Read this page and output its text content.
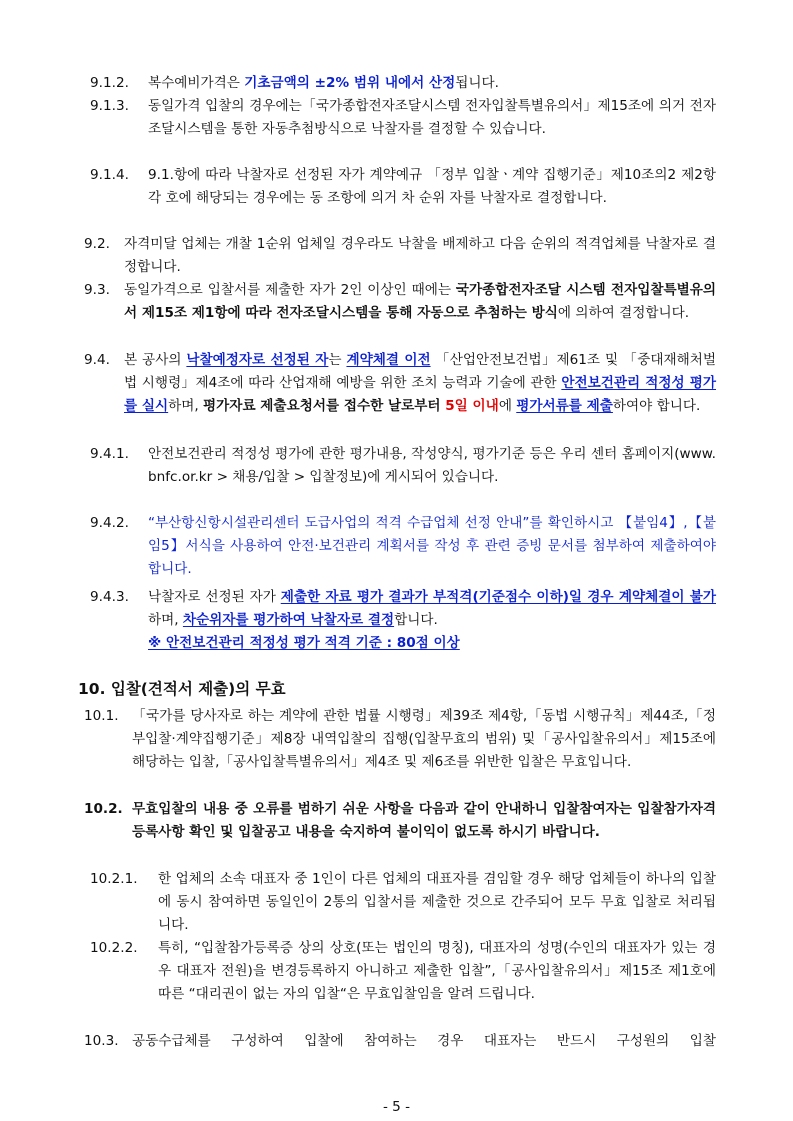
9.1.2. 복수예비가격은 기초금액의 ±2% 범위 내에서 산정됩니다.
9.1.3. 동일가격 입찰의 경우에는「국가종합전자조달시스템 전자입찰특별유의서」제15조에 의거 전자조달시스템을 통한 자동추첨방식으로 낙찰자를 결정할 수 있습니다.
9.1.4. 9.1.항에 따라 낙찰자로 선정된 자가 계약예규 「정부 입찰ㆍ계약 집행기준」제10조의2 제2항 각 호에 해당되는 경우에는 동 조항에 의거 차 순위 자를 낙찰자로 결정합니다.
9.2. 자격미달 업체는 개찰 1순위 업체일 경우라도 낙찰을 배제하고 다음 순위의 적격업체를 낙찰자로 결정합니다.
9.3. 동일가격으로 입찰서를 제출한 자가 2인 이상인 때에는 국가종합전자조달 시스템 전자입찰특별유의서 제15조 제1항에 따라 전자조달시스템을 통해 자동으로 추첨하는 방식에 의하여 결정합니다.
9.4. 본 공사의 낙찰예정자로 선정된 자는 계약체결 이전 「산업안전보건법」제61조 및 「중대재해처벌법 시행령」제4조에 따라 산업재해 예방을 위한 조치 능력과 기술에 관한 안전보건관리 적정성 평가를 실시하며, 평가자료 제출요청서를 접수한 날로부터 5일 이내에 평가서류를 제출하여야 합니다.
9.4.1. 안전보건관리 적정성 평가에 관한 평가내용, 작성양식, 평가기준 등은 우리 센터 홈페이지(www.bnfc.or.kr > 채용/입찰 > 입찰정보)에 게시되어 있습니다.
9.4.2. “부산항신항시설관리센터 도급사업의 적격 수급업체 선정 안내”를 확인하시고 【붙임4】,【붙임5】서식을 사용하여 안전·보건관리 계획서를 작성 후 관련 증빙 문서를 첨부하여 제출하여야 합니다.
9.4.3. 낙찰자로 선정된 자가 제출한 자료 평가 결과가 부적격(기준점수 이하)일 경우 계약체결이 불가하며, 차순위자를 평가하여 낙찰자로 결정합니다.
※ 안전보건관리 적정성 평가 적격 기준 : 80점 이상
10. 입찰(견적서 제출)의 무효
10.1. 「국가를 당사자로 하는 계약에 관한 법률 시행령」제39조 제4항,「동법 시행규칙」제44조,「정부입찰·계약집행기준」제8장 내역입찰의 집행(입찰무효의 범위) 및「공사입찰유의서」제15조에 해당하는 입찰,「공사입찰특별유의서」제4조 및 제6조를 위반한 입찰은 무효입니다.
10.2. 무효입찰의 내용 중 오류를 범하기 쉬운 사항을 다음과 같이 안내하니 입찰참여자는 입찰참가자격 등록사항 확인 및 입찰공고 내용을 숙지하여 불이익이 없도록 하시기 바랍니다.
10.2.1. 한 업체의 소속 대표자 중 1인이 다른 업체의 대표자를 겸임할 경우 해당 업체들이 하나의 입찰에 동시 참여하면 동일인이 2통의 입찰서를 제출한 것으로 간주되어 모두 무효 입찰로 처리됩니다.
10.2.2. 특히, “입찰참가등록증 상의 상호(또는 법인의 명칭), 대표자의 성명(수인의 대표자가 있는 경우 대표자 전원)을 변경등록하지 아니하고 제출한 입찰”,「공사입찰유의서」제15조 제1호에 따른 “대리권이 없는 자의 입찰“은 무효입찰임을 알려 드립니다.
10.3. 공동수급체를 구성하여 입찰에 참여하는 경우 대표자는 반드시 구성원의 입찰
- 5 -
